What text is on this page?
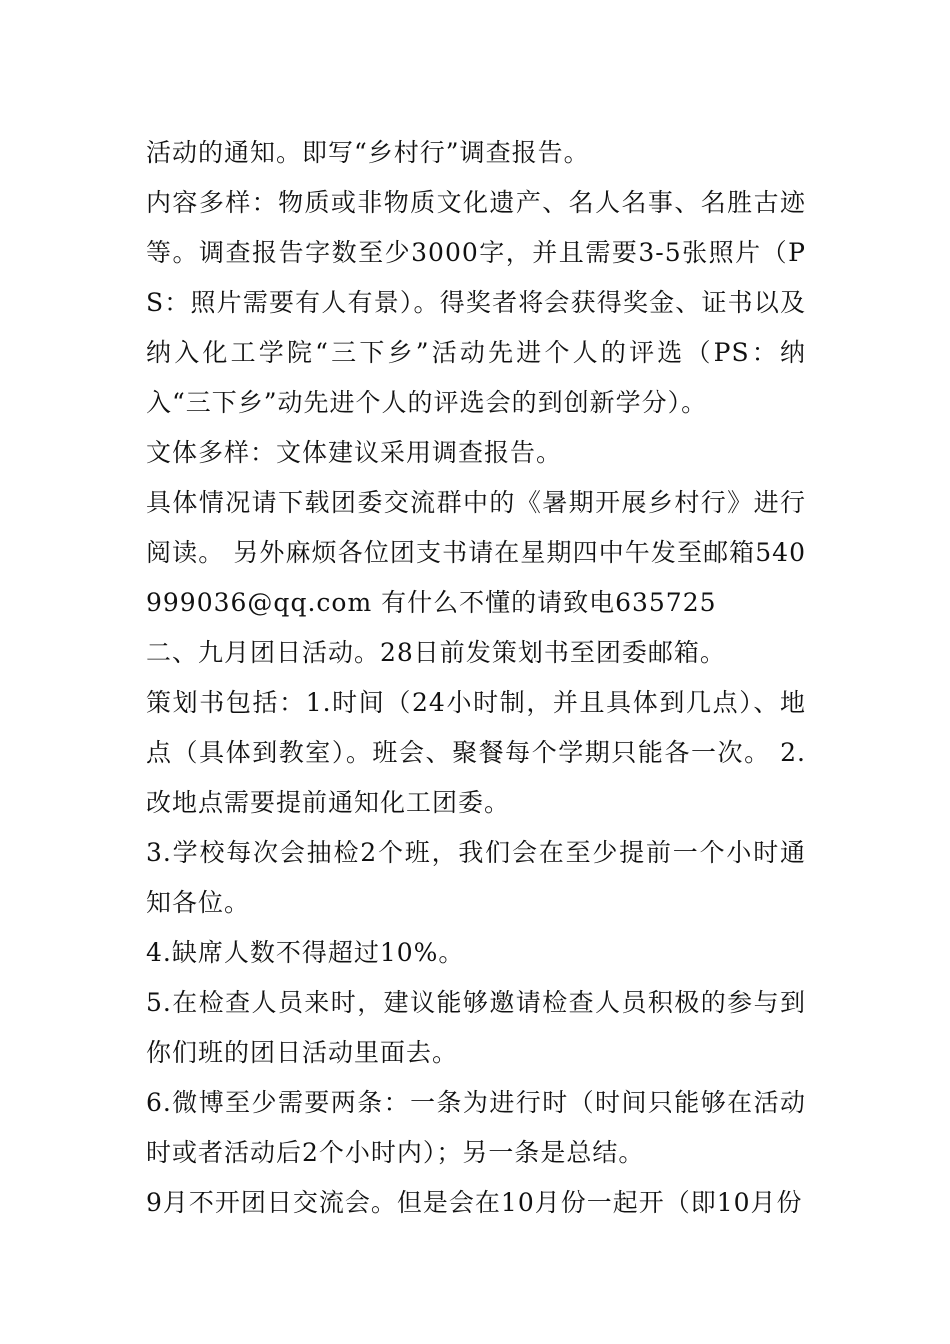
活动的通知。即写“乡村行”调查报告。

内容多样：物质或非物质文化遗产、名人名事、名胜古迹等。调查报告字数至少3000字，并且需要3-5张照片（PS：照片需要有人有景）。得奖者将会获得奖金、证书以及纳入化工学院“三下乡”活动先进个人的评选（PS：纳入“三下乡”动先进个人的评选会的到创新学分）。

文体多样：文体建议采用调查报告。

具体情况请下载团委交流群中的《暑期开展乡村行》进行阅读。 另外麻烦各位团支书请在星期四中午发至邮箱540999036@qq.com 有什么不懂的请致电635725

二、九月团日活动。28日前发策划书至团委邮箱。

策划书包括：1.时间（24小时制，并且具体到几点）、地点（具体到教室）。班会、聚餐每个学期只能各一次。 2.改地点需要提前通知化工团委。

3.学校每次会抽检2个班，我们会在至少提前一个小时通知各位。

4.缺席人数不得超过10%。

5.在检查人员来时，建议能够邀请检查人员积极的参与到你们班的团日活动里面去。

6.微博至少需要两条：一条为进行时（时间只能够在活动时或者活动后2个小时内）；另一条是总结。

9月不开团日交流会。但是会在10月份一起开（即10月份
